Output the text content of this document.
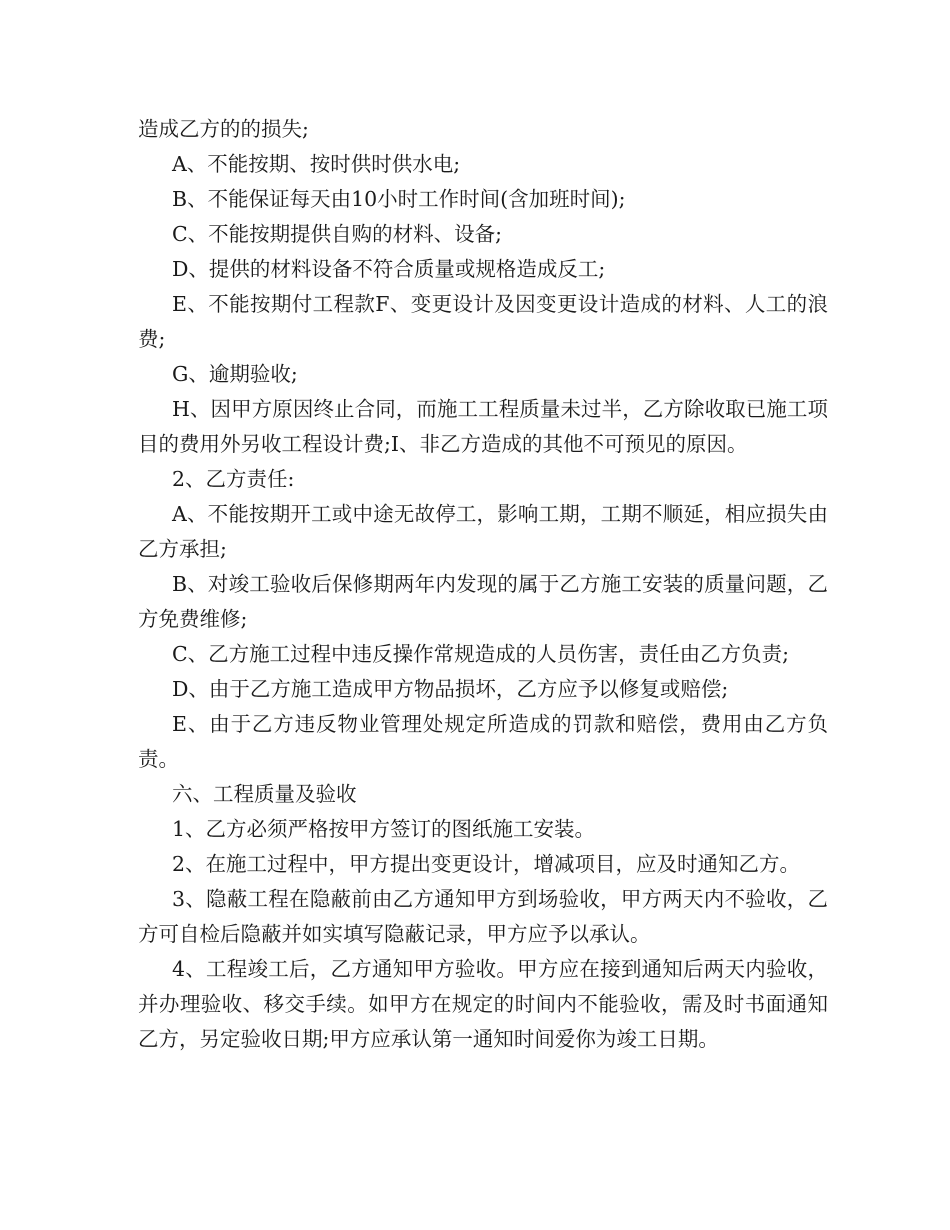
造成乙方的的损失;

A、不能按期、按时供时供水电;

B、不能保证每天由10小时工作时间(含加班时间);

C、不能按期提供自购的材料、设备;

D、提供的材料设备不符合质量或规格造成反工;

E、不能按期付工程款F、变更设计及因变更设计造成的材料、人工的浪费;

G、逾期验收;

H、因甲方原因终止合同，而施工工程质量未过半，乙方除收取已施工项目的费用外另收工程设计费;I、非乙方造成的其他不可预见的原因。

2、乙方责任:

A、不能按期开工或中途无故停工，影响工期，工期不顺延，相应损失由乙方承担;

B、对竣工验收后保修期两年内发现的属于乙方施工安装的质量问题，乙方免费维修;

C、乙方施工过程中违反操作常规造成的人员伤害，责任由乙方负责;

D、由于乙方施工造成甲方物品损坏，乙方应予以修复或赔偿;

E、由于乙方违反物业管理处规定所造成的罚款和赔偿，费用由乙方负责。

六、工程质量及验收

1、乙方必须严格按甲方签订的图纸施工安装。

2、在施工过程中，甲方提出变更设计，增减项目，应及时通知乙方。

3、隐蔽工程在隐蔽前由乙方通知甲方到场验收，甲方两天内不验收，乙方可自检后隐蔽并如实填写隐蔽记录，甲方应予以承认。

4、工程竣工后，乙方通知甲方验收。甲方应在接到通知后两天内验收，并办理验收、移交手续。如甲方在规定的时间内不能验收，需及时书面通知乙方，另定验收日期;甲方应承认第一通知时间爱你为竣工日期。
